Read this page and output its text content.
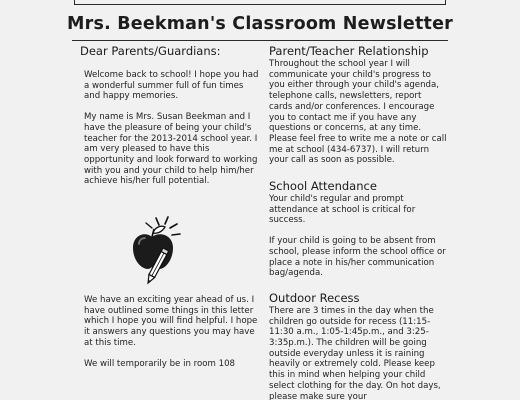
Mrs. Beekman's Classroom Newsletter

Dear Parents/Guardians:

Welcome back to school! I hope you had a wonderful summer full of fun times and happy memories.

My name is Mrs. Susan Beekman and I have the pleasure of being your child's teacher for the 2013-2014 school year. I am very pleased to have this opportunity and look forward to working with you and your child to help him/her achieve his/her full potential.

We have an exciting year ahead of us. I have outlined some things in this letter which I hope you will find helpful. I hope it answers any questions you may have at this time.

We will temporarily be in room 108

Parent/Teacher Relationship

Throughout the school year I will communicate your child's progress to you either through your child's agenda, telephone calls, newsletters, report cards and/or conferences. I encourage you to contact me if you have any questions or concerns, at any time. Please feel free to write me a note or call me at school (434-6737). I will return your call as soon as possible.

School Attendance

Your child's regular and prompt attendance at school is critical for success.

If your child is going to be absent from school, please inform the school office or place a note in his/her communication bag/agenda.

Outdoor Recess

There are 3 times in the day when the children go outside for recess (11:15-11:30 a.m., 1:05-1:45p.m., and 3:25-3:35p.m.). The children will be going outside everyday unless it is raining heavily or extremely cold. Please keep this in mind when helping your child select clothing for the day. On hot days, please make sure your
